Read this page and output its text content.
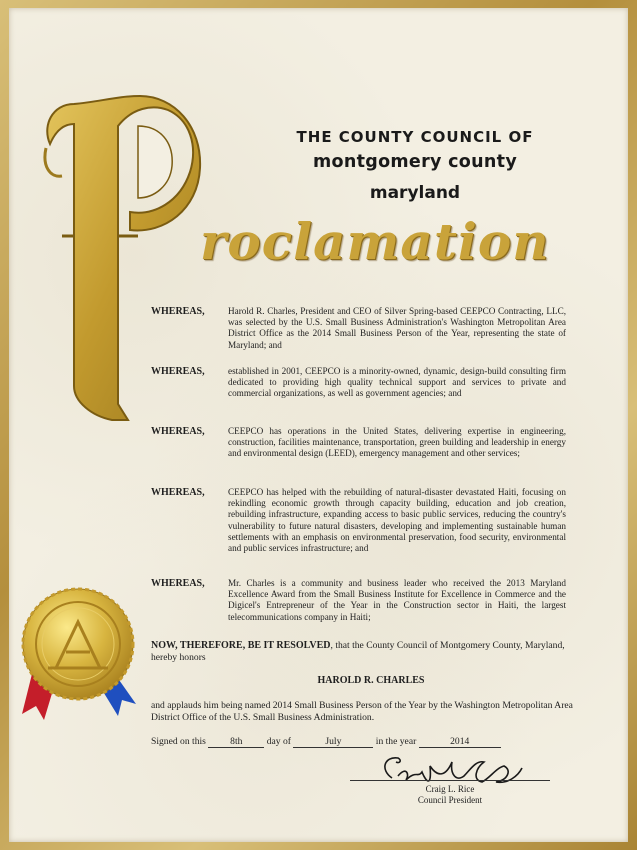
THE COUNTY COUNCIL OF
montgomery county
maryland
roclamation
WHEREAS,	Harold R. Charles, President and CEO of Silver Spring-based CEEPCO Contracting, LLC, was selected by the U.S. Small Business Administration's Washington Metropolitan Area District Office as the 2014 Small Business Person of the Year, representing the state of Maryland; and
WHEREAS,	established in 2001, CEEPCO is a minority-owned, dynamic, design-build consulting firm dedicated to providing high quality technical support and services to private and commercial organizations, as well as government agencies; and
WHEREAS,	CEEPCO has operations in the United States, delivering expertise in engineering, construction, facilities maintenance, transportation, green building and leadership in energy and environmental design (LEED), emergency management and other services;
WHEREAS,	CEEPCO has helped with the rebuilding of natural-disaster devastated Haiti, focusing on rekindling economic growth through capacity building, education and job creation, rebuilding infrastructure, expanding access to basic public services, reducing the country's vulnerability to future natural disasters, developing and implementing sustainable human settlements with an emphasis on environmental preservation, food security, environmental and public services infrastructure; and
WHEREAS,	Mr. Charles is a community and business leader who received the 2013 Maryland Excellence Award from the Small Business Institute for Excellence in Commerce and the Digicel's Entrepreneur of the Year in the Construction sector in Haiti, the largest telecommunications company in Haiti;
NOW, THEREFORE, BE IT RESOLVED, that the County Council of Montgomery County, Maryland, hereby honors
HAROLD R. CHARLES
and applauds him being named 2014 Small Business Person of the Year by the Washington Metropolitan Area District Office of the U.S. Small Business Administration.
Signed on this	8th	day of	July	in the year	2014
Craig L. Rice
Council President
